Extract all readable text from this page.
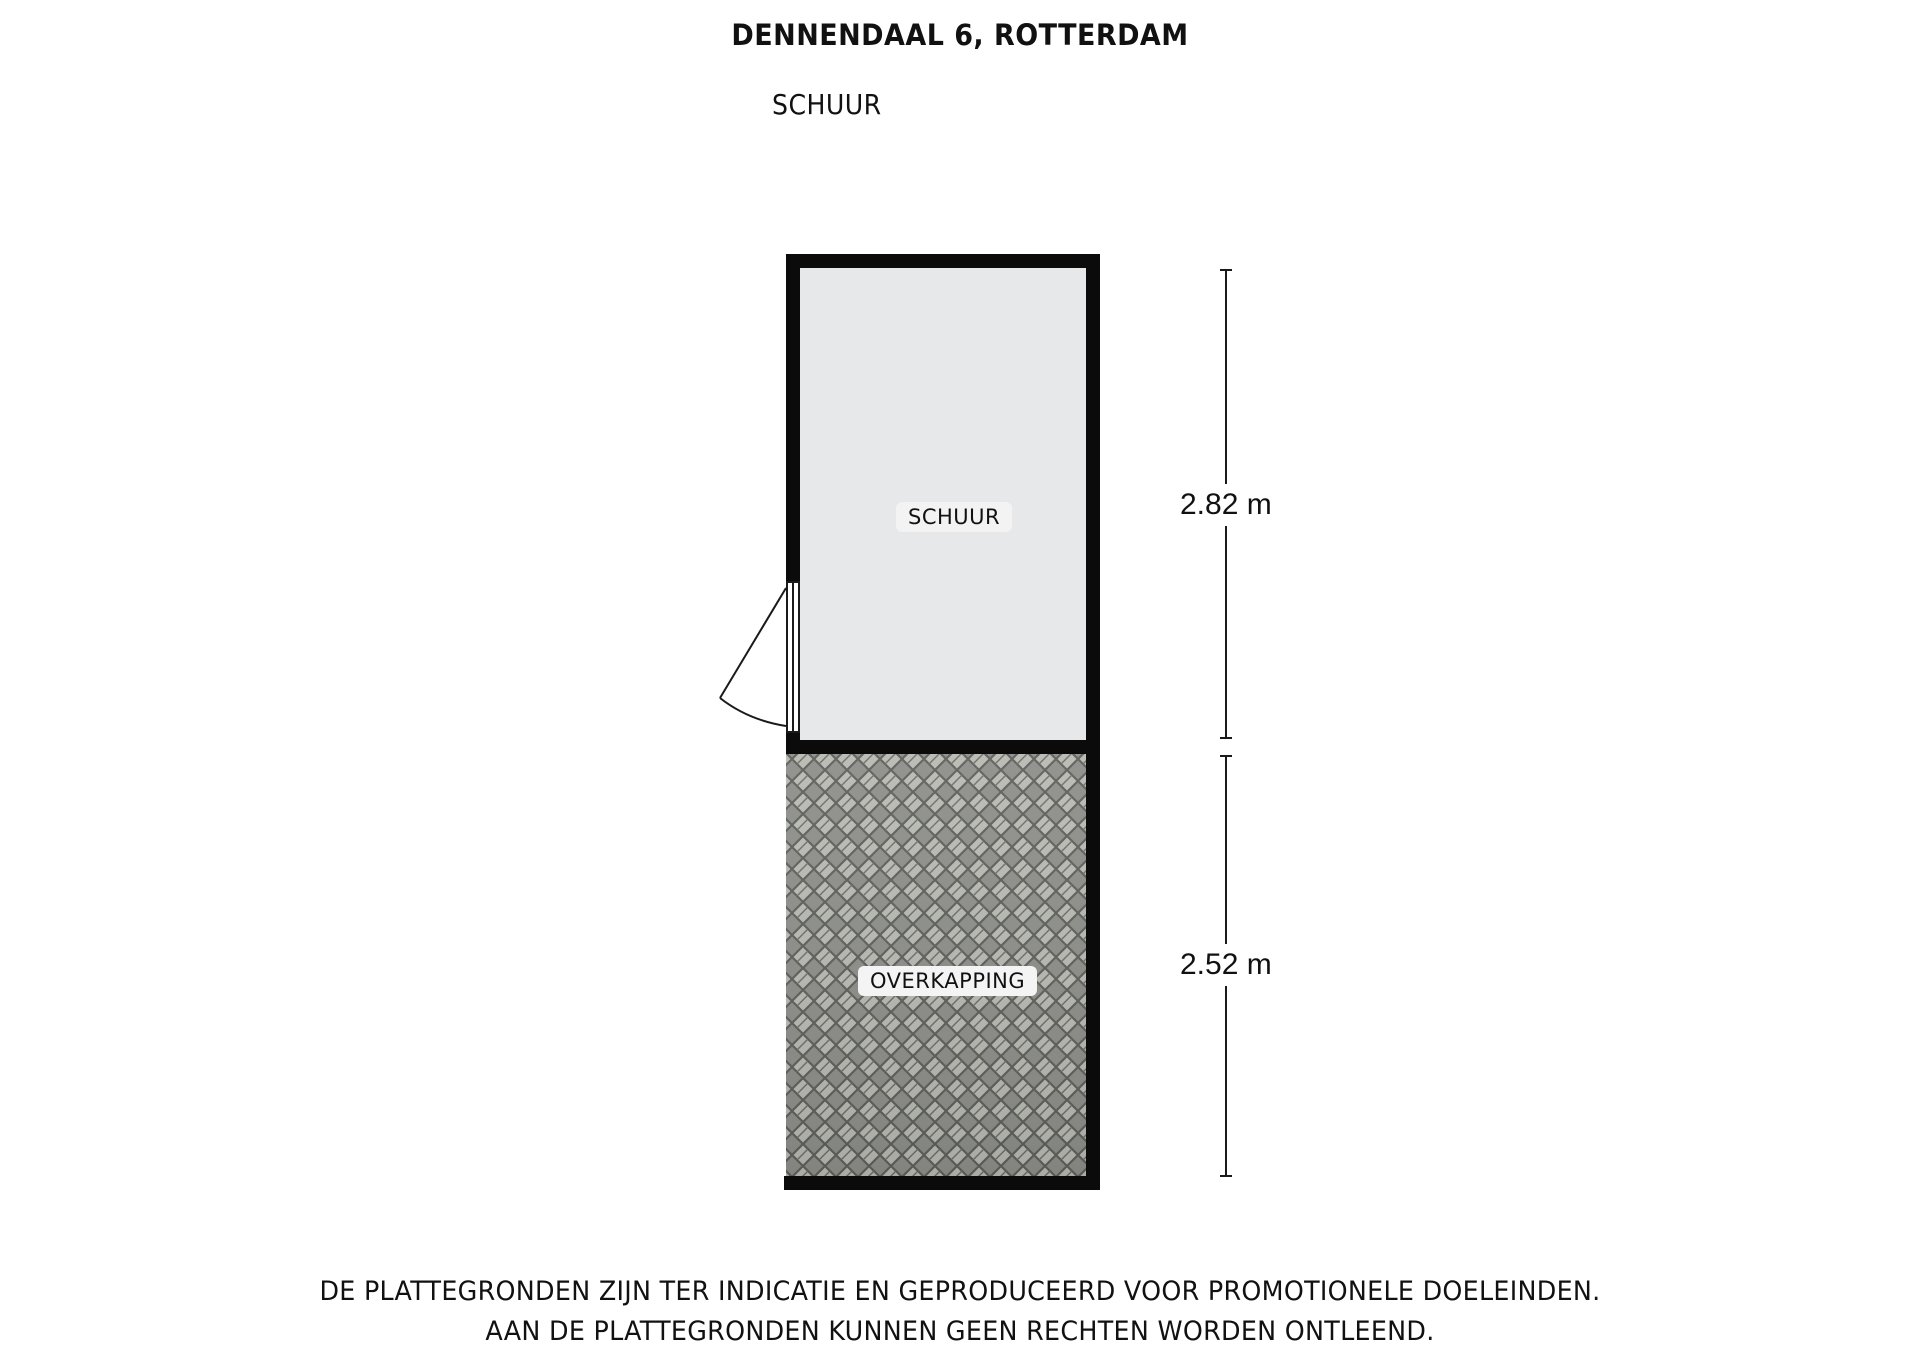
DENNENDAAL 6, ROTTERDAM
SCHUUR
SCHUUR
OVERKAPPING
2.82 m
2.52 m
DE PLATTEGRONDEN ZIJN TER INDICATIE EN GEPRODUCEERD VOOR PROMOTIONELE DOELEINDEN.
AAN DE PLATTEGRONDEN KUNNEN GEEN RECHTEN WORDEN ONTLEEND.
